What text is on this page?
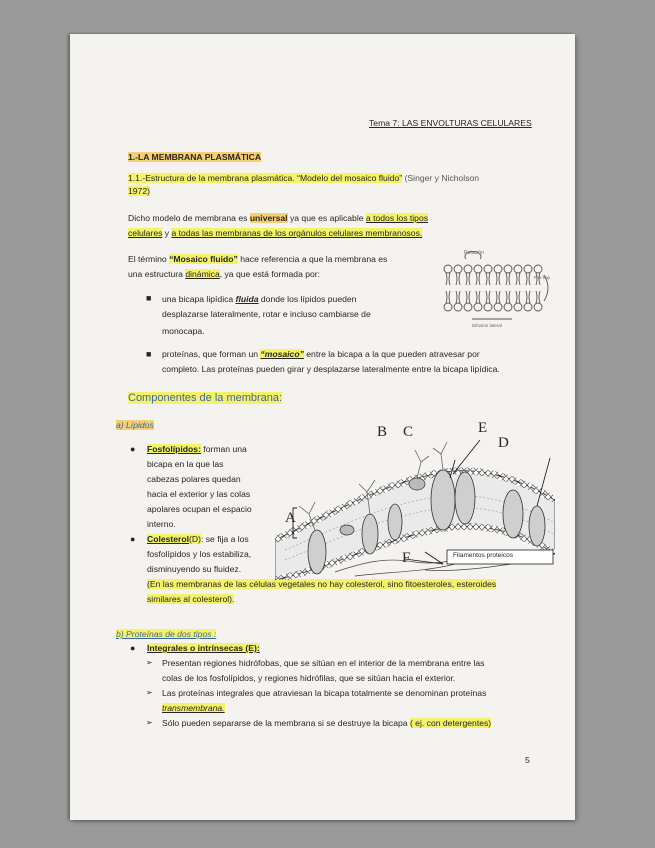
Tema 7: LAS ENVOLTURAS CELULARES
1.-LA MEMBRANA PLASMÁTICA
1.1.-Estructura de la membrana plasmática. “Modelo del mosaico fluido” (Singer y Nicholson
1972)
Dicho modelo de membrana es universal ya que es aplicable a todos los tipos
celulares y a todas las membranas de los orgánulos celulares membranosos.
El término “Mosaico fluido” hace referencia a que la membrana es
una estructura dinámica, ya que está formada por:
Rotación
Flip-flop
Difusión lateral
■ una bicapa lipídica fluida donde los lípidos pueden
desplazarse lateralmente, rotar e incluso cambiarse de
monocapa.
■ proteínas, que forman un “mosaico” entre la bicapa a la que pueden atravesar por
completo. Las proteínas pueden girar y desplazarse lateralmente entre la bicapa lipídica.
Componentes de la membrana:
a) Lípidos
● Fosfolípidos: forman una
bicapa en la que las
cabezas polares quedan
hacia el exterior y las colas
apolares ocupan el espacio
interno.
● Colesterol(D): se fija a los
fosfolípidos y los estabiliza,
disminuyendo su fluidez.
(En las membranas de las células vegetales no hay colesterol, sino fitoesteroles, esteroides
similares al colesterol).
A
B C	E
D
F	Filamentos proteicos
b) Proteínas de dos tipos :
● Integrales o intrínsecas (E):
➢ Presentan regiones hidrófobas, que se sitúan en el interior de la membrana entre las
colas de los fosfolípidos, y regiones hidrófilas, que se sitúan hacia el exterior.
➢ Las proteínas integrales que atraviesan la bicapa totalmente se denominan proteínas
transmembrana.
➢ Sólo pueden separarse de la membrana si se destruye la bicapa ( ej. con detergentes)
5
